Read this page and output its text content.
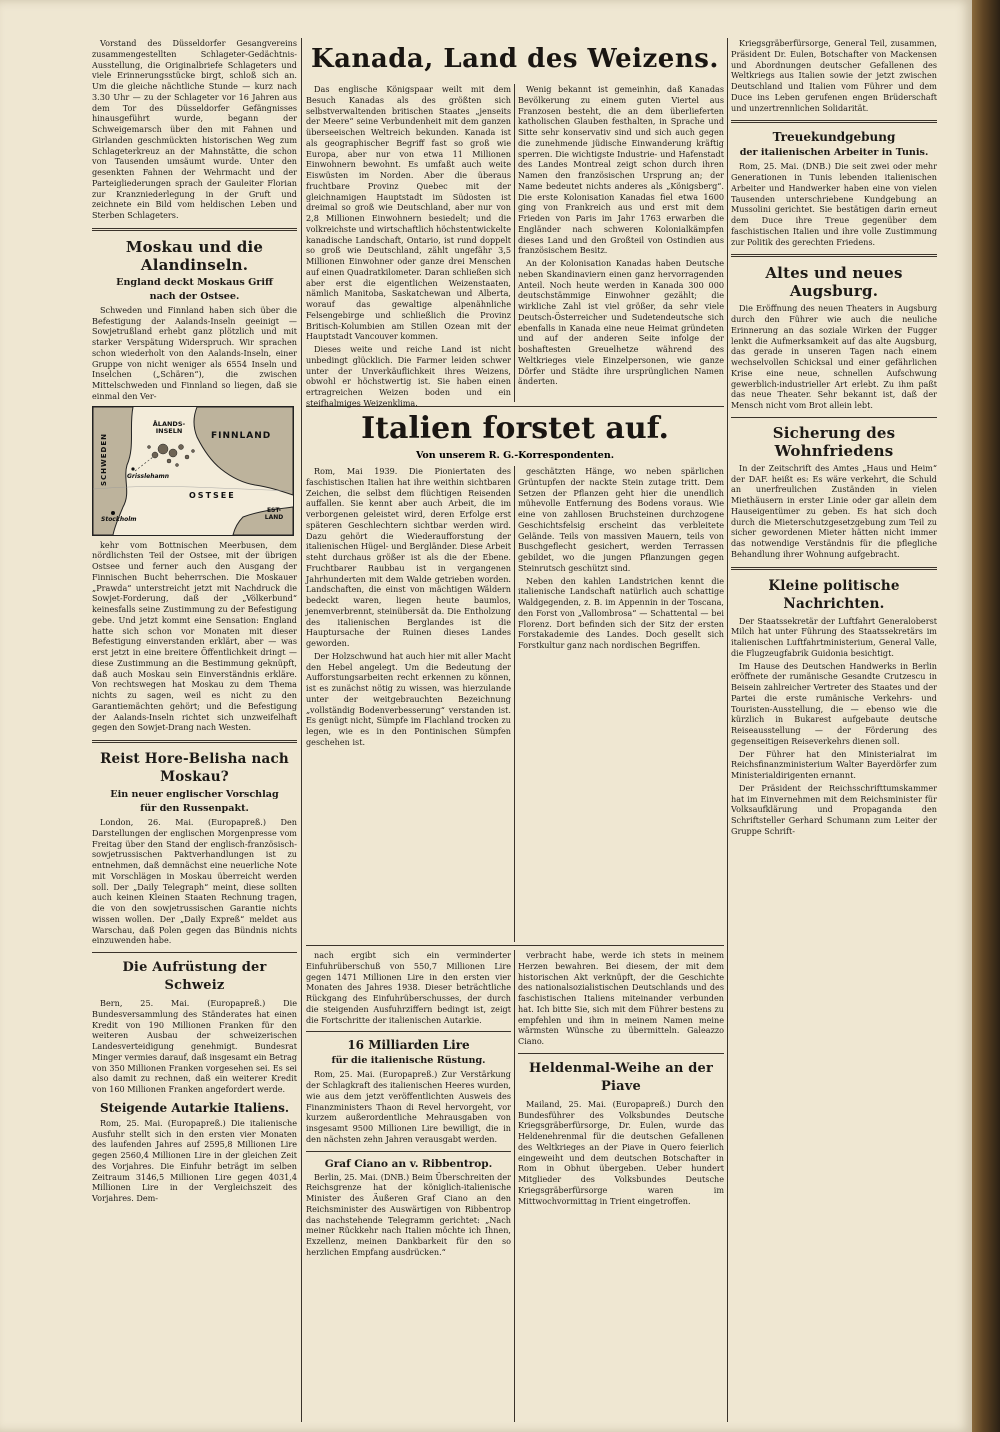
Vorstand des Düsseldorfer Gesangvereins zusammengestellten Schlageter-Gedächtnis-Ausstellung, die Originalbriefe Schlageters und viele Erinnerungsstücke birgt, schloß sich an. Um die gleiche nächtliche Stunde — kurz nach 3.30 Uhr — zu der Schlageter vor 16 Jahren aus dem Tor des Düsseldorfer Gefängnisses hinausgeführt wurde, begann der Schweigemarsch über den mit Fahnen und Girlanden geschmückten historischen Weg zum Schlageterkreuz an der Mahnstätte, die schon von Tausenden umsäumt wurde. Unter den gesenkten Fahnen der Wehrmacht und der Parteigliederungen sprach der Gauleiter Florian zur Kranzniederlegung in der Gruft und zeichnete ein Bild vom heldischen Leben und Sterben Schlageters.

Moskau und die Alandinseln.
England deckt Moskaus Griff
nach der Ostsee.

Schweden und Finnland haben sich über die Befestigung der Aalands-Inseln geeinigt — Sowjetrußland erhebt ganz plötzlich und mit starker Verspätung Widerspruch. Wir sprachen schon wiederholt von den Aalands-Inseln, einer Gruppe von nicht weniger als 6554 Inseln und Inselchen („Schären“), die zwischen Mittelschweden und Finnland so liegen, daß sie einmal den Ver-

ÅLANDS-INSELN	FINNLAND
SCHWEDEN	Grisslehamn
OSTSEE
Stockholm
EST-LAND

kehr vom Bottnischen Meerbusen, dem nördlichsten Teil der Ostsee, mit der übrigen Ostsee und ferner auch den Ausgang der Finnischen Bucht beherrschen. Die Moskauer „Prawda“ unterstreicht jetzt mit Nachdruck die Sowjet-Forderung, daß der „Völkerbund“ keinesfalls seine Zustimmung zu der Befestigung gebe. Und jetzt kommt eine Sensation: England hatte sich schon vor Monaten mit dieser Befestigung einverstanden erklärt, aber — was erst jetzt in eine breitere Öffentlichkeit dringt — diese Zustimmung an die Bestimmung geknüpft, daß auch Moskau sein Einverständnis erkläre. Von rechtswegen hat Moskau zu dem Thema nichts zu sagen, weil es nicht zu den Garantiemächten gehört; und die Befestigung der Aalands-Inseln richtet sich unzweifelhaft gegen den Sowjet-Drang nach Westen.

Reist Hore-Belisha nach Moskau?
Ein neuer englischer Vorschlag
für den Russenpakt.

London, 26. Mai. (Europapreß.) Den Darstellungen der englischen Morgenpresse vom Freitag über den Stand der englisch-französisch-sowjetrussischen Paktverhandlungen ist zu entnehmen, daß demnächst eine neuerliche Note mit Vorschlägen in Moskau überreicht werden soll. Der „Daily Telegraph“ meint, diese sollten auch keinen Kleinen Staaten Rechnung tragen, die von den sowjetrussischen Garantie nichts wissen wollen. Der „Daily Expreß“ meldet aus Warschau, daß Polen gegen das Bündnis nichts einzuwenden habe.

Die Aufrüstung der Schweiz

Bern, 25. Mai. (Europapreß.) Die Bundesversammlung des Ständerates hat einen Kredit von 190 Millionen Franken für den weiteren Ausbau der schweizerischen Landesverteidigung genehmigt. Bundesrat Minger vermies darauf, daß insgesamt ein Betrag von 350 Millionen Franken vorgesehen sei. Es sei also damit zu rechnen, daß ein weiterer Kredit von 160 Millionen Franken angefordert werde.

Steigende Autarkie Italiens.

Rom, 25. Mai. (Europapreß.) Die italienische Ausfuhr stellt sich in den ersten vier Monaten des laufenden Jahres auf 2595,8 Millionen Lire gegen 2560,4 Millionen Lire in der gleichen Zeit des Vorjahres. Die Einfuhr beträgt im selben Zeitraum 3146,5 Millionen Lire gegen 4031,4 Millionen Lire in der Vergleichszeit des Vorjahres. Dem-

Kanada, Land des Weizens.

Das englische Königspaar weilt mit dem Besuch Kanadas als des größten sich selbstverwaltenden britischen Staates „jenseits der Meere“ seine Verbundenheit mit dem ganzen überseeischen Weltreich bekunden. Kanada ist als geographischer Begriff fast so groß wie Europa, aber nur von etwa 11 Millionen Einwohnern bewohnt. Es umfaßt auch weite Eiswüsten im Norden. Aber die überaus fruchtbare Provinz Quebec mit der gleichnamigen Hauptstadt im Südosten ist dreimal so groß wie Deutschland, aber nur von 2,8 Millionen Einwohnern besiedelt; und die volkreichste und wirtschaftlich höchstentwickelte kanadische Landschaft, Ontario, ist rund doppelt so groß wie Deutschland, zählt ungefähr 3,5 Millionen Einwohner oder ganze drei Menschen auf einen Quadratkilometer. Daran schließen sich aber erst die eigentlichen Weizenstaaten, nämlich Manitoba, Saskatchewan und Alberta, worauf das gewaltige alpenähnliche Felsengebirge und schließlich die Provinz Britisch-Kolumbien am Stillen Ozean mit der Hauptstadt Vancouver kommen.

Dieses weite und reiche Land ist nicht unbedingt glücklich. Die Farmer leiden schwer unter der Unverkäuflichkeit ihres Weizens, obwohl er höchstwertig ist. Sie haben einen ertragreichen Weizen boden und ein steifhalmiges Weizenklima.

Wenig bekannt ist gemeinhin, daß Kanadas Bevölkerung zu einem guten Viertel aus Franzosen besteht, die an dem überlieferten katholischen Glauben festhalten, in Sprache und Sitte sehr konservativ sind und sich auch gegen die zunehmende jüdische Einwanderung kräftig sperren. Die wichtigste Industrie- und Hafenstadt des Landes Montreal zeigt schon durch ihren Namen den französischen Ursprung an; der Name bedeutet nichts anderes als „Königsberg“. Die erste Kolonisation Kanadas fiel etwa 1600 ging von Frankreich aus und erst mit dem Frieden von Paris im Jahr 1763 erwarben die Engländer nach schweren Kolonialkämpfen dieses Land und den Großteil von Ostindien aus französischem Besitz.

An der Kolonisation Kanadas haben Deutsche neben Skandinaviern einen ganz hervorragenden Anteil. Noch heute werden in Kanada 300 000 deutschstämmige Einwohner gezählt; die wirkliche Zahl ist viel größer, da sehr viele Deutsch-Österreicher und Sudetendeutsche sich ebenfalls in Kanada eine neue Heimat gründeten und auf der anderen Seite infolge der boshaftesten Greuelhetze während des Weltkrieges viele Einzelpersonen, wie ganze Dörfer und Städte ihre ursprünglichen Namen änderten.

Italien forstet auf.
Von unserem R. G.-Korrespondenten.

Rom, Mai 1939. Die Pioniertaten des faschistischen Italien hat ihre weithin sichtbaren Zeichen, die selbst dem flüchtigen Reisenden auffallen. Sie kennt aber auch Arbeit, die im verborgenen geleistet wird, deren Erfolge erst späteren Geschlechtern sichtbar werden wird. Dazu gehört die Wiederaufforstung der italienischen Hügel- und Bergländer. Diese Arbeit steht durchaus größer ist als die der Ebene. Fruchtbarer Raubbau ist in vergangenen Jahrhunderten mit dem Walde getrieben worden. Landschaften, die einst von mächtigen Wäldern bedeckt waren, liegen heute baumlos, jenemverbrennt, steinübersät da. Die Entholzung des italienischen Berglandes ist die Hauptursache der Ruinen dieses Landes geworden.

Der Holzschwund hat auch hier mit aller Macht den Hebel angelegt. Um die Bedeutung der Aufforstungsarbeiten recht erkennen zu können, ist es zunächst nötig zu wissen, was hierzulande unter der weitgebrauchten Bezeichnung „vollständig Bodenverbesserung“ verstanden ist. Es genügt nicht, Sümpfe im Flachland trocken zu legen, wie es in den Pontinischen Sümpfen geschehen ist.

geschätzten Hänge, wo neben spärlichen Grüntupfen der nackte Stein zutage tritt. Dem Setzen der Pflanzen geht hier die unendlich mühevolle Entfernung des Bodens voraus. Wie eine von zahllosen Bruchsteinen durchzogene Geschichtsfelsig erscheint das verbleitete Gelände. Teils von massiven Mauern, teils von Buschgeflecht gesichert, werden Terrassen gebildet, wo die jungen Pflanzungen gegen Steinrutsch geschützt sind.

Neben den kahlen Landstrichen kennt die italienische Landschaft natürlich auch schattige Waldgegenden, z. B. im Appennin in der Toscana, den Forst von „Vallombrosa“ — Schattental — bei Florenz. Dort befinden sich der Sitz der ersten Forstakademie des Landes. Doch gesellt sich Forstkultur ganz nach nordischen Begriffen.

nach ergibt sich ein verminderter Einfuhrüberschuß von 550,7 Millionen Lire gegen 1471 Millionen Lire in den ersten vier Monaten des Jahres 1938. Dieser beträchtliche Rückgang des Einfuhrüberschusses, der durch die steigenden Ausfuhrziffern bedingt ist, zeigt die Fortschritte der italienischen Autarkie.

16 Milliarden Lire
für die italienische Rüstung.

Rom, 25. Mai. (Europapreß.) Zur Verstärkung der Schlagkraft des italienischen Heeres wurden, wie aus dem jetzt veröffentlichten Ausweis des Finanzministers Thaon di Revel hervorgeht, vor kurzem außerordentliche Mehrausgaben von insgesamt 9500 Millionen Lire bewilligt, die in den nächsten zehn Jahren verausgabt werden.

Graf Ciano an v. Ribbentrop.

Berlin, 25. Mai. (DNB.) Beim Überschreiten der Reichsgrenze hat der königlich-italienische Minister des Äußeren Graf Ciano an den Reichsminister des Auswärtigen von Ribbentrop das nachstehende Telegramm gerichtet: „Nach meiner Rückkehr nach Italien möchte ich Ihnen, Exzellenz, meinen Dankbarkeit für den so herzlichen Empfang ausdrücken.“

verbracht habe, werde ich stets in meinem Herzen bewahren. Bei diesem, der mit dem historischen Akt verknüpft, der die Geschichte des nationalsozialistischen Deutschlands und des faschistischen Italiens miteinander verbunden hat. Ich bitte Sie, sich mit dem Führer bestens zu empfehlen und ihm in meinem Namen meine wärmsten Wünsche zu übermitteln. Galeazzo Ciano.

Heldenmal-Weihe an der Piave

Mailand, 25. Mai. (Europapreß.) Durch den Bundesführer des Volksbundes Deutsche Kriegsgräberfürsorge, Dr. Eulen, wurde das Heldenehrenmal für die deutschen Gefallenen des Weltkrieges an der Piave in Quero feierlich eingeweiht und dem deutschen Botschafter in Rom in Obhut übergeben. Ueber hundert Mitglieder des Volksbundes Deutsche Kriegsgräberfürsorge waren im Mittwochvormittag in Trient eingetroffen.

Kriegsgräberfürsorge, General Teil, zusammen, Präsident Dr. Eulen, Botschafter von Mackensen und Abordnungen deutscher Gefallenen des Weltkriegs aus Italien sowie der jetzt zwischen Deutschland und Italien vom Führer und dem Duce ins Leben gerufenen engen Brüderschaft und unzertrennlichen Solidarität.

Treuekundgebung
der italienischen Arbeiter in Tunis.

Rom, 25. Mai. (DNB.) Die seit zwei oder mehr Generationen in Tunis lebenden italienischen Arbeiter und Handwerker haben eine von vielen Tausenden unterschriebene Kundgebung an Mussolini gerichtet. Sie bestätigen darin erneut dem Duce ihre Treue gegenüber dem faschistischen Italien und ihre volle Zustimmung zur Politik des gerechten Friedens.

Altes und neues Augsburg.

Die Eröffnung des neuen Theaters in Augsburg durch den Führer wie auch die neuliche Erinnerung an das soziale Wirken der Fugger lenkt die Aufmerksamkeit auf das alte Augsburg, das gerade in unseren Tagen nach einem wechselvollen Schicksal und einer gefährlichen Krise eine neue, schnellen Aufschwung gewerblich-industrieller Art erlebt. Zu ihm paßt das neue Theater. Sehr bekannt ist, daß der Mensch nicht vom Brot allein lebt.

Sicherung des Wohnfriedens

In der Zeitschrift des Amtes „Haus und Heim“ der DAF. heißt es: Es wäre verkehrt, die Schuld an unerfreulichen Zuständen in vielen Miethäusern in erster Linie oder gar allein dem Hauseigentümer zu geben. Es hat sich doch durch die Mieterschutzgesetzgebung zum Teil zu sicher gewordenen Mieter hätten nicht immer das notwendige Verständnis für die pflegliche Behandlung ihrer Wohnung aufgebracht.

Kleine politische Nachrichten.

Der Staatssekretär der Luftfahrt Generaloberst Milch hat unter Führung des Staatssekretärs im italienischen Luftfahrtministerium, General Valle, die Flugzeugfabrik Guidonia besichtigt.

Im Hause des Deutschen Handwerks in Berlin eröffnete der rumänische Gesandte Crutzescu in Beisein zahlreicher Vertreter des Staates und der Partei die erste rumänische Verkehrs- und Touristen-Ausstellung, die — ebenso wie die kürzlich in Bukarest aufgebaute deutsche Reiseausstellung — der Förderung des gegenseitigen Reiseverkehrs dienen soll.

Der Führer hat den Ministerialrat im Reichsfinanzministerium Walter Bayerdörfer zum Ministerialdirigenten ernannt.

Der Präsident der Reichsschrifttumskammer hat im Einvernehmen mit dem Reichsminister für Volksaufklärung und Propaganda den Schriftsteller Gerhard Schumann zum Leiter der Gruppe Schrift-
